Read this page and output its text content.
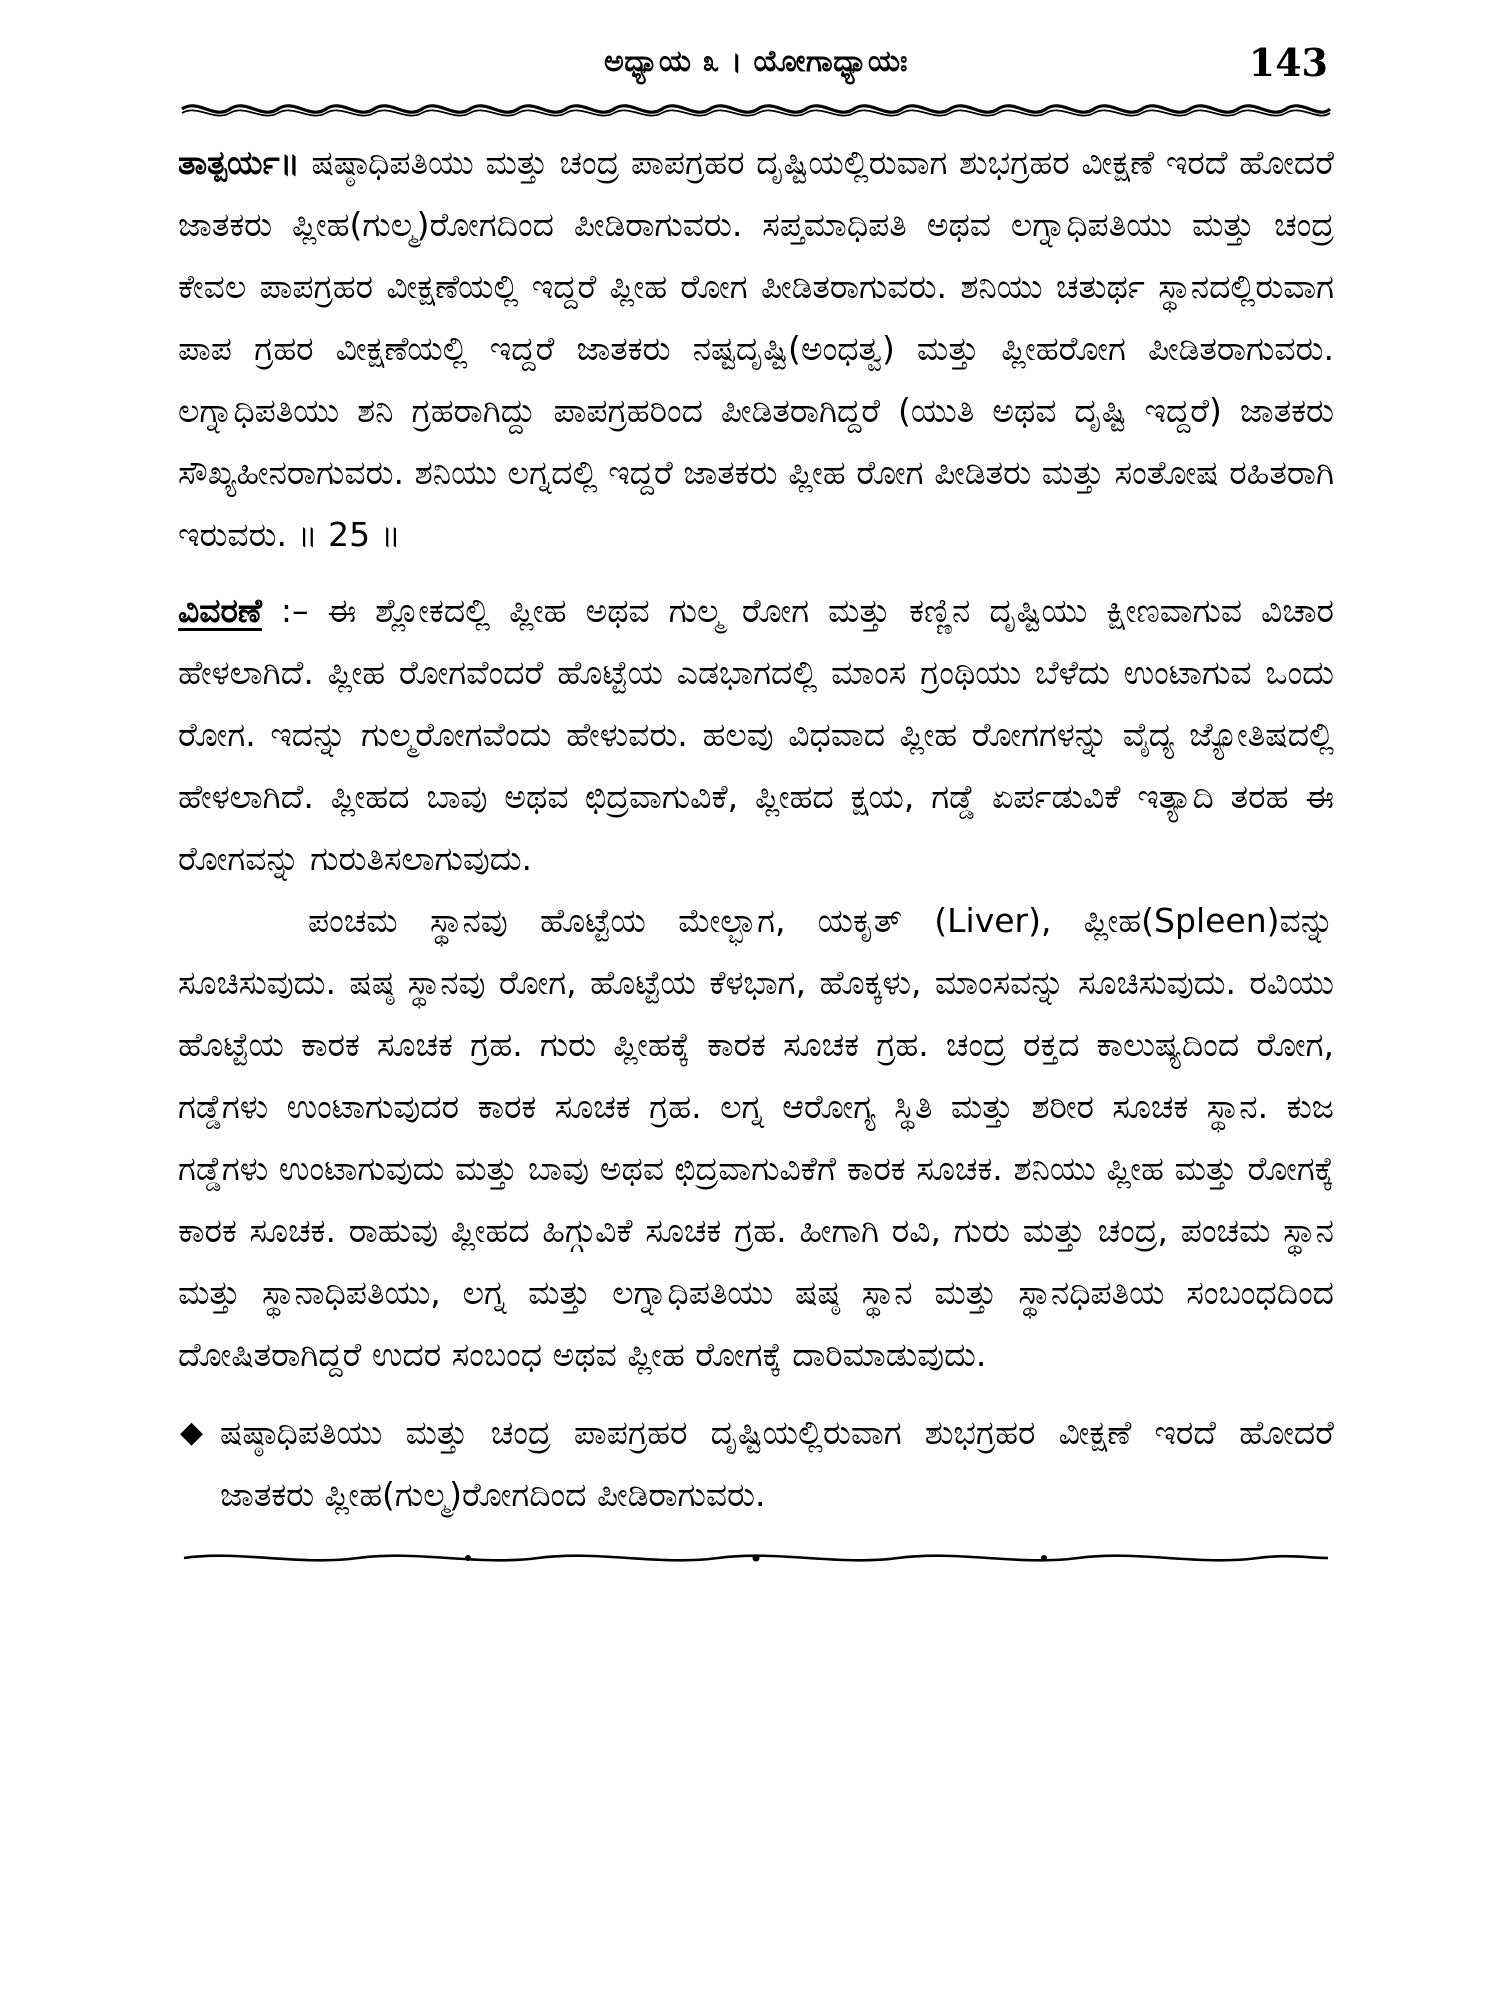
ಅಧ್ಯಾಯ ೩ । ಯೋಗಾಧ್ಯಾಯಃ	143

ತಾತ್ಪರ್ಯ॥ ಷಷ್ಠಾಧಿಪತಿಯು ಮತ್ತು ಚಂದ್ರ ಪಾಪಗ್ರಹರ ದೃಷ್ಟಿಯಲ್ಲಿರುವಾಗ ಶುಭಗ್ರಹರ ವೀಕ್ಷಣೆ ಇರದೆ ಹೋದರೆ ಜಾತಕರು ಪ್ಲೀಹ(ಗುಲ್ಮ)ರೋಗದಿಂದ ಪೀಡಿರಾಗುವರು. ಸಪ್ತಮಾಧಿಪತಿ ಅಥವ ಲಗ್ನಾಧಿಪತಿಯು ಮತ್ತು ಚಂದ್ರ ಕೇವಲ ಪಾಪಗ್ರಹರ ವೀಕ್ಷಣೆಯಲ್ಲಿ ಇದ್ದರೆ ಪ್ಲೀಹ ರೋಗ ಪೀಡಿತರಾಗುವರು. ಶನಿಯು ಚತುರ್ಥ ಸ್ಥಾನದಲ್ಲಿರುವಾಗ ಪಾಪ ಗ್ರಹರ ವೀಕ್ಷಣೆಯಲ್ಲಿ ಇದ್ದರೆ ಜಾತಕರು ನಷ್ಟದೃಷ್ಟಿ(ಅಂಧತ್ವ) ಮತ್ತು ಪ್ಲೀಹರೋಗ ಪೀಡಿತರಾಗುವರು. ಲಗ್ನಾಧಿಪತಿಯು ಶನಿ ಗ್ರಹರಾಗಿದ್ದು ಪಾಪಗ್ರಹರಿಂದ ಪೀಡಿತರಾಗಿದ್ದರೆ (ಯುತಿ ಅಥವ ದೃಷ್ಟಿ ಇದ್ದರೆ) ಜಾತಕರು ಸೌಖ್ಯಹೀನರಾಗುವರು. ಶನಿಯು ಲಗ್ನದಲ್ಲಿ ಇದ್ದರೆ ಜಾತಕರು ಪ್ಲೀಹ ರೋಗ ಪೀಡಿತರು ಮತ್ತು ಸಂತೋಷ ರಹಿತರಾಗಿ ಇರುವರು. ॥ 25 ॥

ವಿವರಣೆ :– ಈ ಶ್ಲೋಕದಲ್ಲಿ ಪ್ಲೀಹ ಅಥವ ಗುಲ್ಮ ರೋಗ ಮತ್ತು ಕಣ್ಣಿನ ದೃಷ್ಟಿಯು ಕ್ಷೀಣವಾಗುವ ವಿಚಾರ ಹೇಳಲಾಗಿದೆ. ಪ್ಲೀಹ ರೋಗವೆಂದರೆ ಹೊಟ್ಟೆಯ ಎಡಭಾಗದಲ್ಲಿ ಮಾಂಸ ಗ್ರಂಥಿಯು ಬೆಳೆದು ಉಂಟಾಗುವ ಒಂದು ರೋಗ. ಇದನ್ನು ಗುಲ್ಮರೋಗವೆಂದು ಹೇಳುವರು. ಹಲವು ವಿಧವಾದ ಪ್ಲೀಹ ರೋಗಗಳನ್ನು ವೈದ್ಯ ಜ್ಯೋತಿಷದಲ್ಲಿ ಹೇಳಲಾಗಿದೆ. ಪ್ಲೀಹದ ಬಾವು ಅಥವ ಛಿದ್ರವಾಗುವಿಕೆ, ಪ್ಲೀಹದ ಕ್ಷಯ, ಗಡ್ಡೆ ಏರ್ಪಡುವಿಕೆ ಇತ್ಯಾದಿ ತರಹ ಈ ರೋಗವನ್ನು ಗುರುತಿಸಲಾಗುವುದು.

ಪಂಚಮ ಸ್ಥಾನವು ಹೊಟ್ಟೆಯ ಮೇಲ್ಭಾಗ, ಯಕೃತ್ (Liver), ಪ್ಲೀಹ(Spleen)ವನ್ನು ಸೂಚಿಸುವುದು. ಷಷ್ಠ ಸ್ಥಾನವು ರೋಗ, ಹೊಟ್ಟೆಯ ಕೆಳಭಾಗ, ಹೊಕ್ಕಳು, ಮಾಂಸವನ್ನು ಸೂಚಿಸುವುದು. ರವಿಯು ಹೊಟ್ಟೆಯ ಕಾರಕ ಸೂಚಕ ಗ್ರಹ. ಗುರು ಪ್ಲೀಹಕ್ಕೆ ಕಾರಕ ಸೂಚಕ ಗ್ರಹ. ಚಂದ್ರ ರಕ್ತದ ಕಾಲುಷ್ಯದಿಂದ ರೋಗ, ಗಡ್ಡೆಗಳು ಉಂಟಾಗುವುದರ ಕಾರಕ ಸೂಚಕ ಗ್ರಹ. ಲಗ್ನ ಆರೋಗ್ಯ ಸ್ಥಿತಿ ಮತ್ತು ಶರೀರ ಸೂಚಕ ಸ್ಥಾನ. ಕುಜ ಗಡ್ಡೆಗಳು ಉಂಟಾಗುವುದು ಮತ್ತು ಬಾವು ಅಥವ ಛಿದ್ರವಾಗುವಿಕೆಗೆ ಕಾರಕ ಸೂಚಕ. ಶನಿಯು ಪ್ಲೀಹ ಮತ್ತು ರೋಗಕ್ಕೆ ಕಾರಕ ಸೂಚಕ. ರಾಹುವು ಪ್ಲೀಹದ ಹಿಗ್ಗುವಿಕೆ ಸೂಚಕ ಗ್ರಹ. ಹೀಗಾಗಿ ರವಿ, ಗುರು ಮತ್ತು ಚಂದ್ರ, ಪಂಚಮ ಸ್ಥಾನ ಮತ್ತು ಸ್ಥಾನಾಧಿಪತಿಯು, ಲಗ್ನ ಮತ್ತು ಲಗ್ನಾಧಿಪತಿಯು ಷಷ್ಠ ಸ್ಥಾನ ಮತ್ತು ಸ್ಥಾನಧಿಪತಿಯ ಸಂಬಂಧದಿಂದ ದೋಷಿತರಾಗಿದ್ದರೆ ಉದರ ಸಂಬಂಧ ಅಥವ ಪ್ಲೀಹ ರೋಗಕ್ಕೆ ದಾರಿಮಾಡುವುದು.

◆ ಷಷ್ಠಾಧಿಪತಿಯು ಮತ್ತು ಚಂದ್ರ ಪಾಪಗ್ರಹರ ದೃಷ್ಟಿಯಲ್ಲಿರುವಾಗ ಶುಭಗ್ರಹರ ವೀಕ್ಷಣೆ ಇರದೆ ಹೋದರೆ ಜಾತಕರು ಪ್ಲೀಹ(ಗುಲ್ಮ)ರೋಗದಿಂದ ಪೀಡಿರಾಗುವರು.
